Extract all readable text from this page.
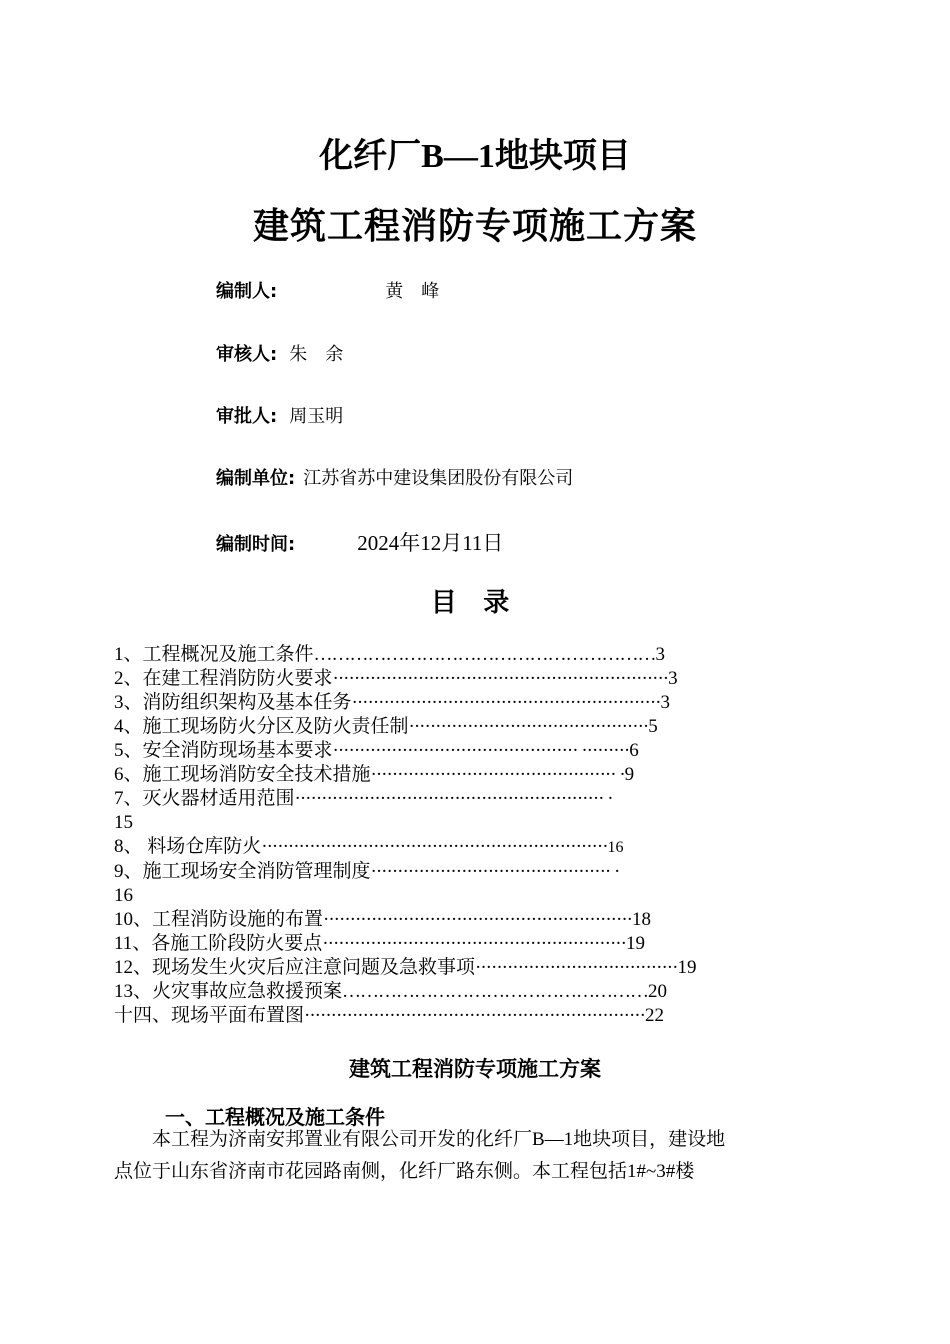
化纤厂B—1地块项目
建筑工程消防专项施工方案
编制人:	黄　峰
审核人: 朱　余
审批人: 周玉明
编制单位: 江苏省苏中建设集团股份有限公司
编制时间:	2024年12月11日
目 录
1、工程概况及施工条件…………………………………………………3
2、在建工程消防防火要求·······························································3
3、消防组织架构及基本任务··························································3
4、施工现场防火分区及防火责任制·············································5
5、安全消防现场基本要求·············································· ·········6
6、施工现场消防安全技术措施·············································· ·9
7、灭火器材适用范围·························································· ·
15
8、 料场仓库防火·································································16
9、施工现场安全消防管理制度············································· ·
16
10、工程消防设施的布置··························································18
11、各施工阶段防火要点·························································19
12、现场发生火灾后应注意问题及急救事项······································19
13、火灾事故应急救援预案……………………………………………20
十四、现场平面布置图································································22
建筑工程消防专项施工方案
一、工程概况及施工条件
　　本工程为济南安邦置业有限公司开发的化纤厂B—1地块项目，建设地
点位于山东省济南市花园路南侧，化纤厂路东侧。本工程包括1#~3#楼
